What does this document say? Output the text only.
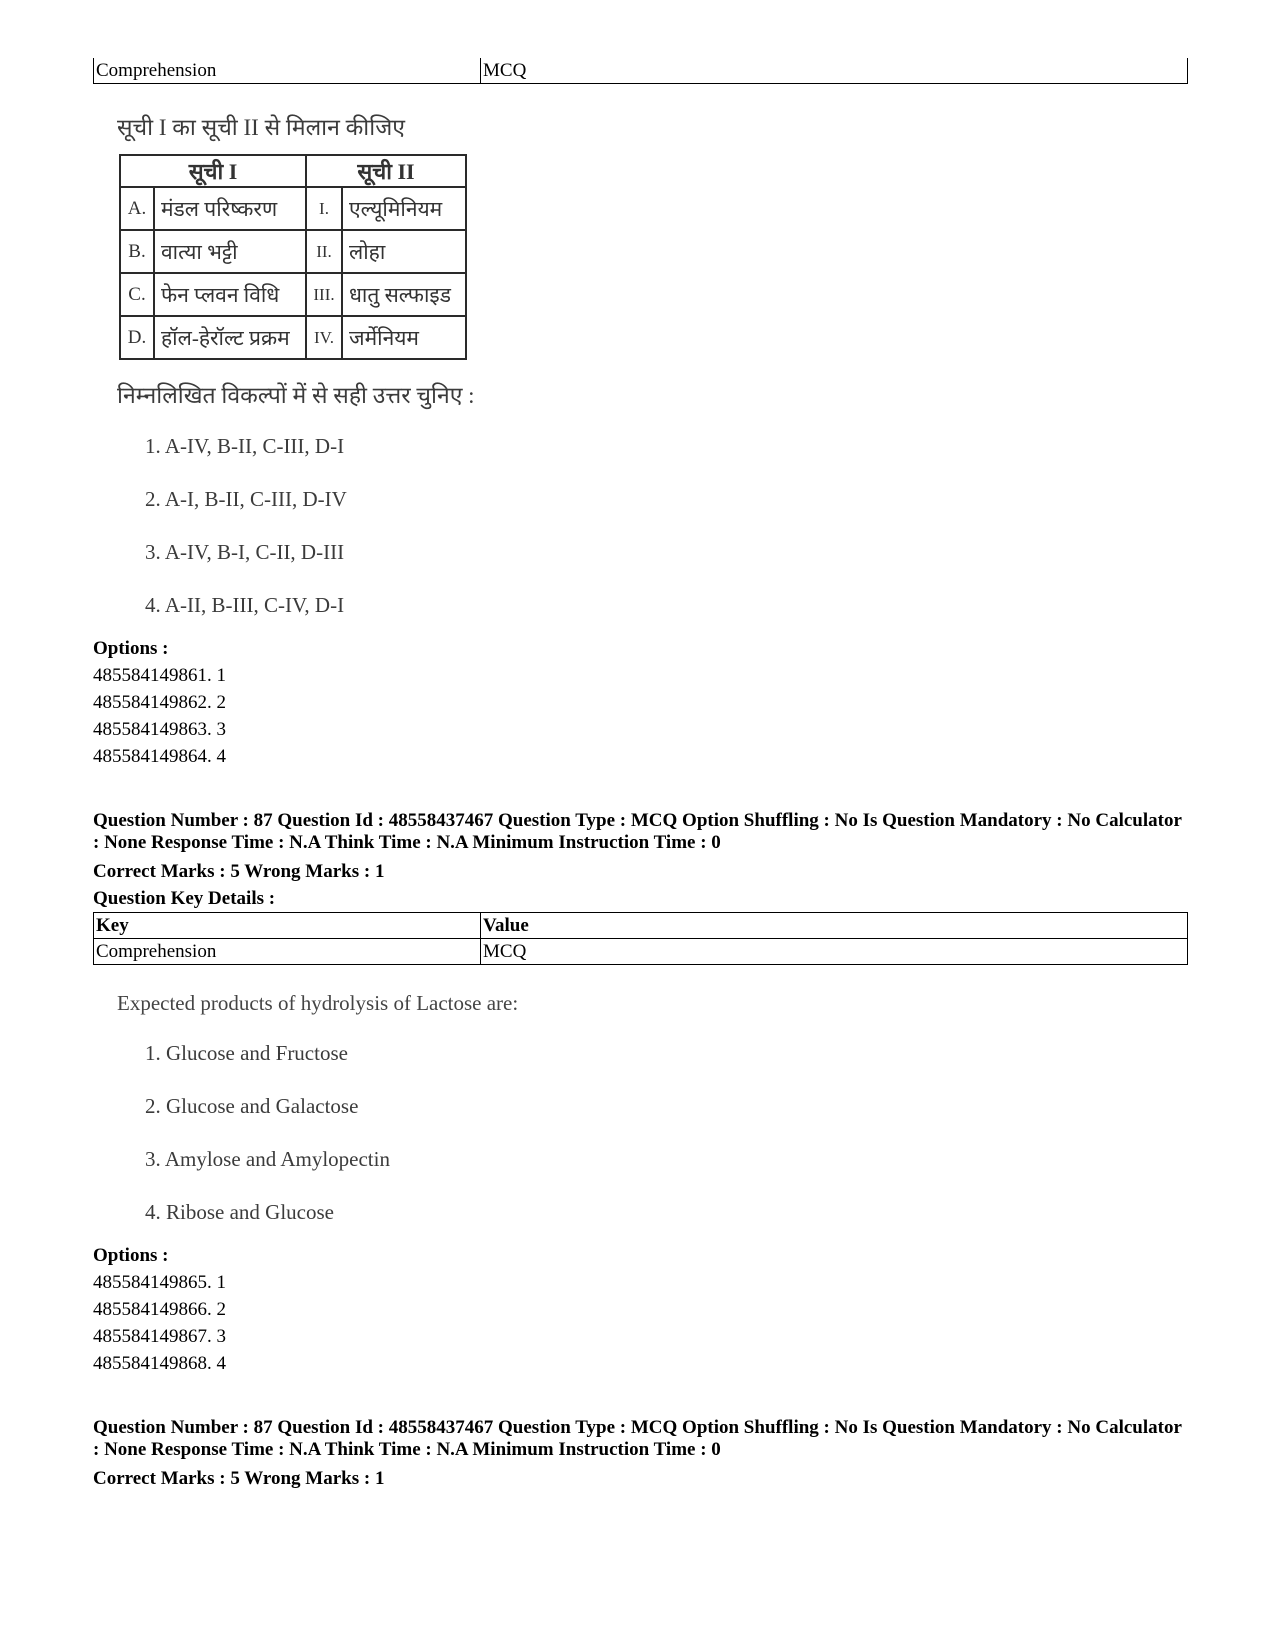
Comprehension	MCQ
सूची I का सूची II से मिलान कीजिए
सूची I		सूची II	
A.	मंडल परिष्करण	I.	एल्यूमिनियम
B.	वात्या भट्टी	II.	लोहा
C.	फेन प्लवन विधि	III.	धातु सल्फाइड
D.	हॉल-हेरॉल्ट प्रक्रम	IV.	जर्मेनियम
निम्नलिखित विकल्पों में से सही उत्तर चुनिए :
1. A-IV, B-II, C-III, D-I
2. A-I, B-II, C-III, D-IV
3. A-IV, B-I, C-II, D-III
4. A-II, B-III, C-IV, D-I
Options :
485584149861. 1
485584149862. 2
485584149863. 3
485584149864. 4
Question Number : 87 Question Id : 48558437467 Question Type : MCQ Option Shuffling : No Is Question Mandatory : No Calculator : None Response Time : N.A Think Time : N.A Minimum Instruction Time : 0
Correct Marks : 5 Wrong Marks : 1
Question Key Details :
Key	Value
Comprehension	MCQ
Expected products of hydrolysis of Lactose are:
1. Glucose and Fructose
2. Glucose and Galactose
3. Amylose and Amylopectin
4. Ribose and Glucose
Options :
485584149865. 1
485584149866. 2
485584149867. 3
485584149868. 4
Question Number : 87 Question Id : 48558437467 Question Type : MCQ Option Shuffling : No Is Question Mandatory : No Calculator : None Response Time : N.A Think Time : N.A Minimum Instruction Time : 0
Correct Marks : 5 Wrong Marks : 1
